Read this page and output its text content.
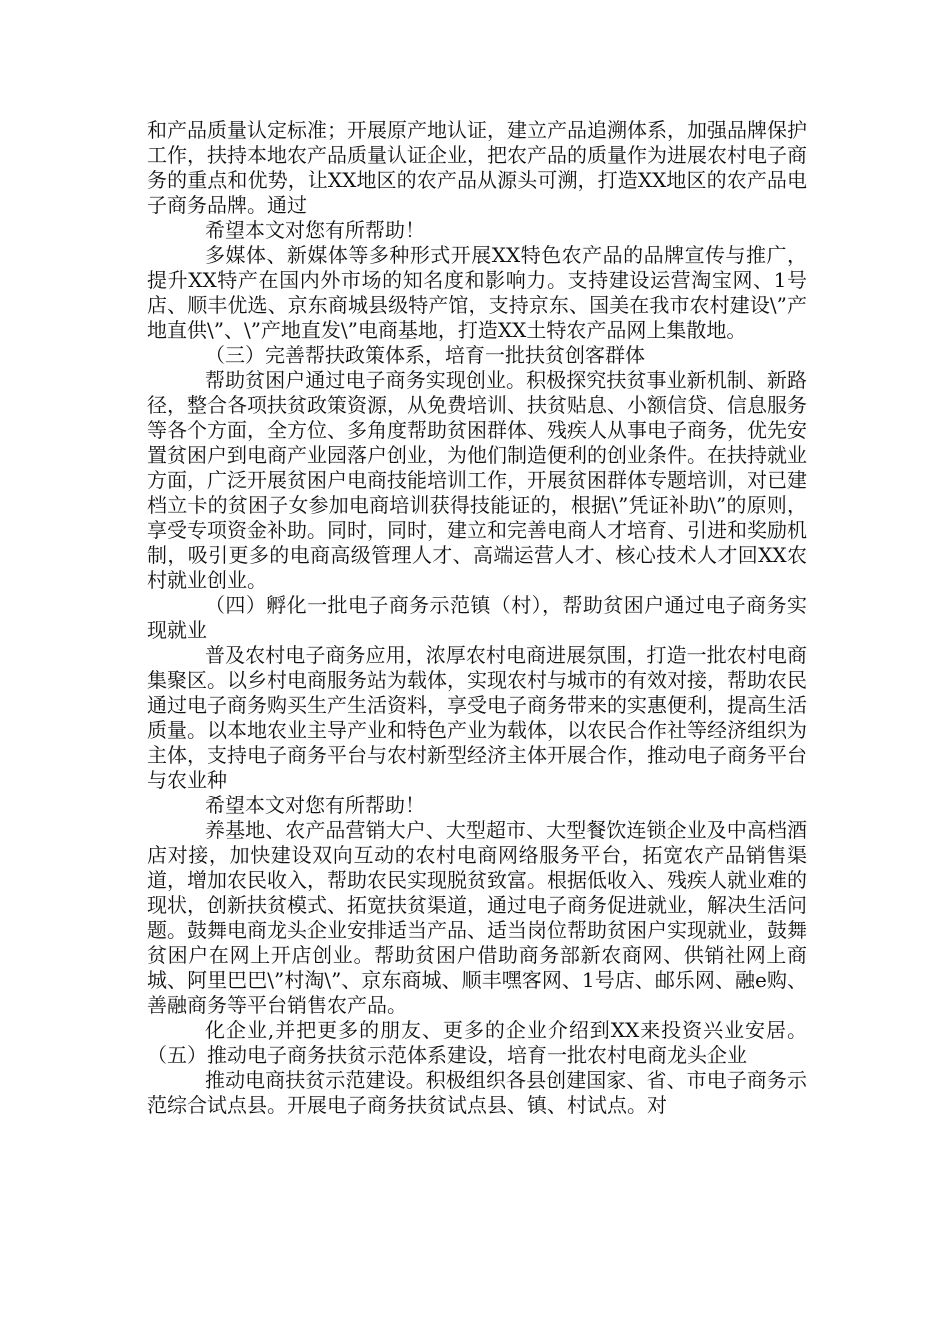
和产品质量认定标准；开展原产地认证，建立产品追溯体系，加强品牌保护工作，扶持本地农产品质量认证企业，把农产品的质量作为进展农村电子商务的重点和优势，让XX地区的农产品从源头可溯，打造XX地区的农产品电子商务品牌。通过

希望本文对您有所帮助！

多媒体、新媒体等多种形式开展XX特色农产品的品牌宣传与推广，提升XX特产在国内外市场的知名度和影响力。支持建设运营淘宝网、1号店、顺丰优选、京东商城县级特产馆，支持京东、国美在我市农村建设\”产地直供\”、\”产地直发\”电商基地，打造XX土特农产品网上集散地。

（三）完善帮扶政策体系，培育一批扶贫创客群体

帮助贫困户通过电子商务实现创业。积极探究扶贫事业新机制、新路径，整合各项扶贫政策资源，从免费培训、扶贫贴息、小额信贷、信息服务等各个方面，全方位、多角度帮助贫困群体、残疾人从事电子商务，优先安置贫困户到电商产业园落户创业，为他们制造便利的创业条件。在扶持就业方面，广泛开展贫困户电商技能培训工作，开展贫困群体专题培训，对已建档立卡的贫困子女参加电商培训获得技能证的，根据\”凭证补助\”的原则，享受专项资金补助。同时，同时，建立和完善电商人才培育、引进和奖励机制，吸引更多的电商高级管理人才、高端运营人才、核心技术人才回XX农村就业创业。

（四）孵化一批电子商务示范镇（村），帮助贫困户通过电子商务实现就业

普及农村电子商务应用，浓厚农村电商进展氛围，打造一批农村电商集聚区。以乡村电商服务站为载体，实现农村与城市的有效对接，帮助农民通过电子商务购买生产生活资料，享受电子商务带来的实惠便利，提高生活质量。以本地农业主导产业和特色产业为载体，以农民合作社等经济组织为主体，支持电子商务平台与农村新型经济主体开展合作，推动电子商务平台与农业种

希望本文对您有所帮助！

养基地、农产品营销大户、大型超市、大型餐饮连锁企业及中高档酒店对接，加快建设双向互动的农村电商网络服务平台，拓宽农产品销售渠道，增加农民收入，帮助农民实现脱贫致富。根据低收入、残疾人就业难的现状，创新扶贫模式、拓宽扶贫渠道，通过电子商务促进就业，解决生活问题。鼓舞电商龙头企业安排适当产品、适当岗位帮助贫困户实现就业，鼓舞贫困户在网上开店创业。帮助贫困户借助商务部新农商网、供销社网上商城、阿里巴巴\”村淘\”、京东商城、顺丰嘿客网、1号店、邮乐网、融e购、善融商务等平台销售农产品。

化企业,并把更多的朋友、更多的企业介绍到XX来投资兴业安居。（五）推动电子商务扶贫示范体系建设，培育一批农村电商龙头企业

推动电商扶贫示范建设。积极组织各县创建国家、省、市电子商务示范综合试点县。开展电子商务扶贫试点县、镇、村试点。对
